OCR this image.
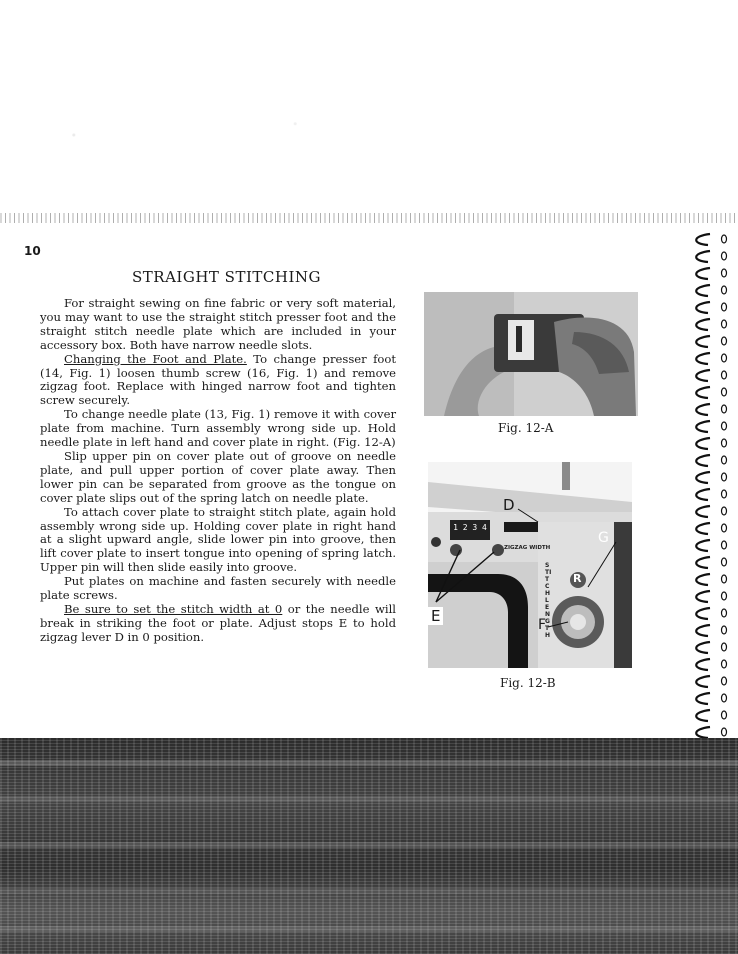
10
STRAIGHT STITCHING

For straight sewing on fine fabric or very soft material, you may want to use the straight stitch presser foot and the straight stitch needle plate which are included in your accessory box. Both have narrow needle slots.

Changing the Foot and Plate. To change presser foot (14, Fig. 1) loosen thumb screw (16, Fig. 1) and remove zigzag foot. Replace with hinged narrow foot and tighten screw securely.

To change needle plate (13, Fig. 1) remove it with cover plate from machine. Turn assembly wrong side up. Hold needle plate in left hand and cover plate in right. (Fig. 12-A)

Slip upper pin on cover plate out of groove on needle plate, and pull upper portion of cover plate away. Then lower pin can be separated from groove as the tongue on cover plate slips out of the spring latch on needle plate.

To attach cover plate to straight stitch plate, again hold assembly wrong side up. Holding cover plate in right hand at a slight upward angle, slide lower pin into groove, then lift cover plate to insert tongue into opening of spring latch. Upper pin will then slide easily into groove.

Put plates on machine and fasten securely with needle plate screws.

Be sure to set the stitch width at 0 or the needle will break in striking the foot or plate. Adjust stops E to hold zigzag lever D in 0 position.

Fig. 12-A
1 2 3 4
ZIGZAG WIDTH
STITCH LENGTH
D
G
R
F
E
Fig. 12-B
